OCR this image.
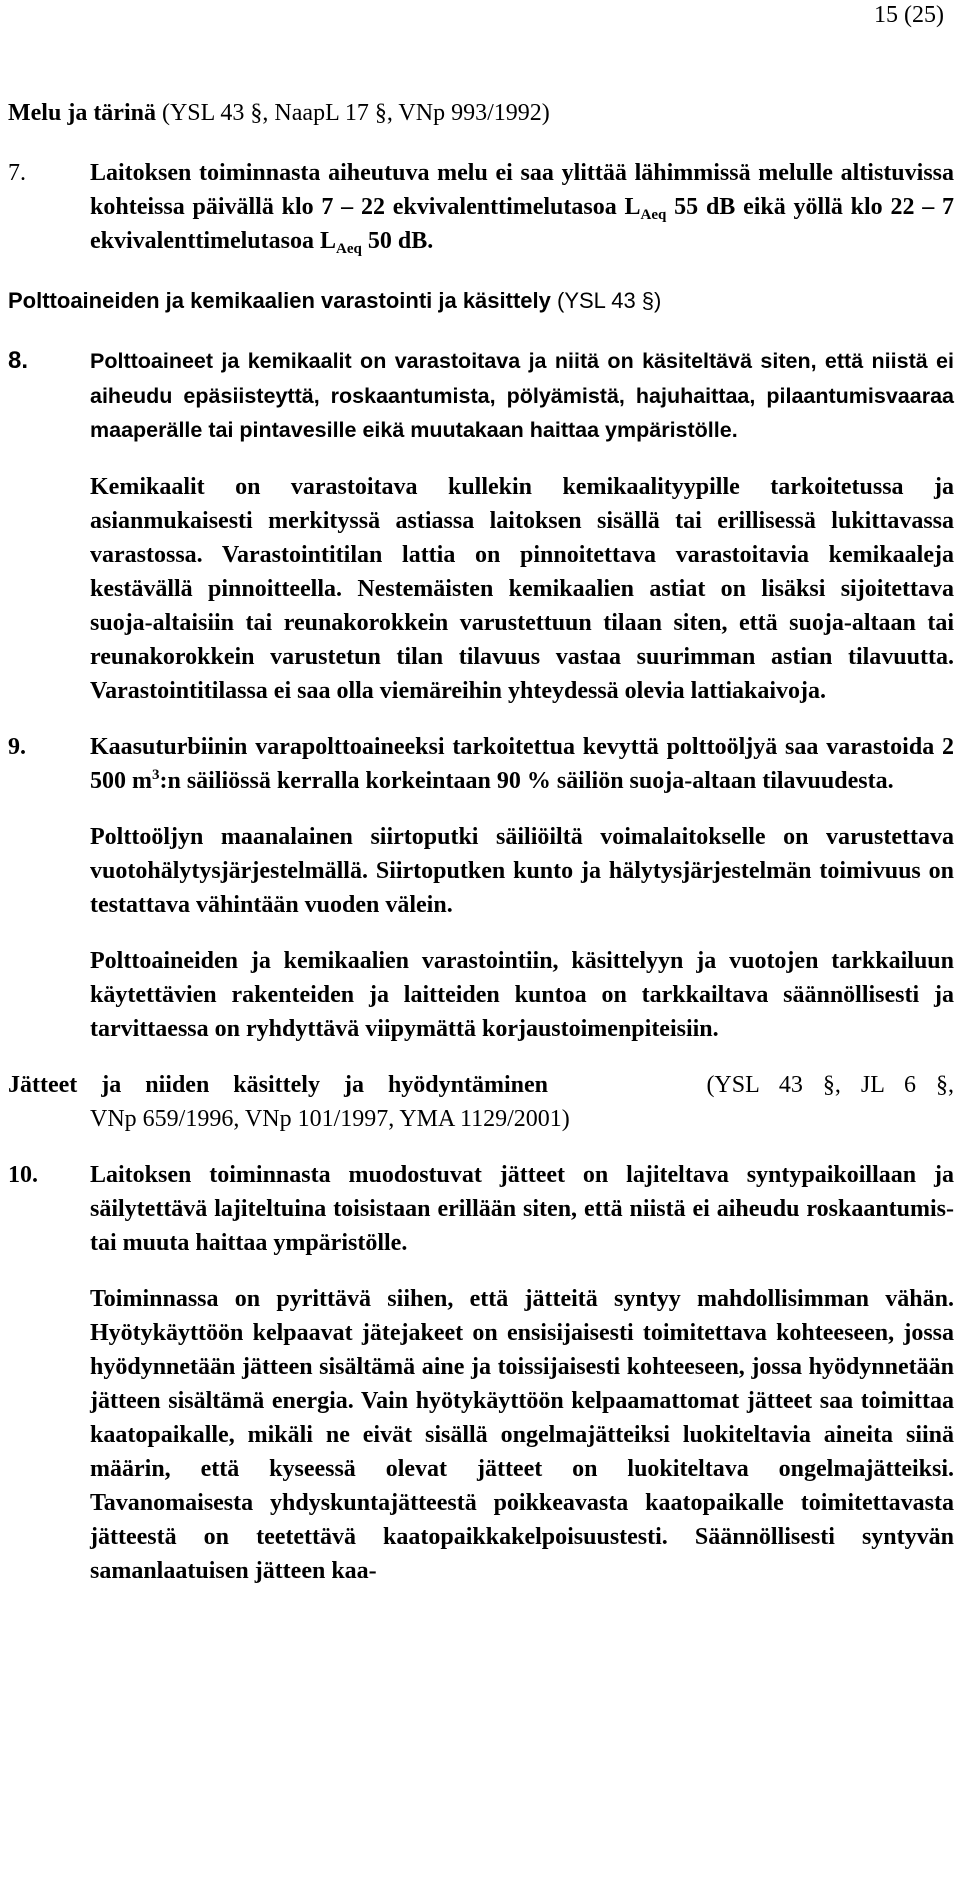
15 (25)

Melu ja tärinä (YSL 43 §, NaapL 17 §, VNp 993/1992)

7.	Laitoksen toiminnasta aiheutuva melu ei saa ylittää lähimmissä melulle altistuvissa kohteissa päivällä klo 7 – 22 ekvivalenttimelutasoa $L_{Aeq}$ 55 dB eikä yöllä klo 22 – 7 ekvivalenttimelutasoa $L_{Aeq}$ 50 dB.

Polttoaineiden ja kemikaalien varastointi ja käsittely (YSL 43 §)

8.	Polttoaineet ja kemikaalit on varastoitava ja niitä on käsiteltävä siten, että niistä ei aiheudu epäsiisteyttä, roskaantumista, pölyämistä, hajuhaittaa, pilaantumisvaaraa maaperälle tai pintavesille eikä muutakaan haittaa ympäristölle.

Kemikaalit on varastoitava kullekin kemikaalityypille tarkoitetussa ja asianmukaisesti merkityssä astiassa laitoksen sisällä tai erillisessä lukittavassa varastossa. Varastointitilan lattia on pinnoitettava varastoitavia kemikaaleja kestävällä pinnoitteella. Nestemäisten kemikaalien astiat on lisäksi sijoitettava suoja-altaisiin tai reunakorokkein varustettuun tilaan siten, että suoja-altaan tai reunakorokkein varustetun tilan tilavuus vastaa suurimman astian tilavuutta. Varastointitilassa ei saa olla viemäreihin yhteydessä olevia lattiakaivoja.

9.	Kaasuturbiinin varapolttoaineeksi tarkoitettua kevyttä polttoöljyä saa varastoida 2 500 $m^3:n$ säiliössä kerralla korkeintaan 90 % säiliön suoja-altaan tilavuudesta.

Polttoöljyn maanalainen siirtoputki säiliöiltä voimalaitokselle on varustettava vuotohälytysjärjestelmällä. Siirtoputken kunto ja hälytysjärjestelmän toimivuus on testattava vähintään vuoden välein.

Polttoaineiden ja kemikaalien varastointiin, käsittelyyn ja vuotojen tarkkailuun käytettävien rakenteiden ja laitteiden kuntoa on tarkkailtava säännöllisesti ja tarvittaessa on ryhdyttävä viipymättä korjaustoimenpiteisiin.

Jätteet ja niiden käsittely ja hyödyntäminen	(YSL 43 §, JL 6 §,
VNp 659/1996, VNp 101/1997, YMA 1129/2001)
10.	Laitoksen toiminnasta muodostuvat jätteet on lajiteltava syntypaikoillaan ja säilytettävä lajiteltuina toisistaan erillään siten, että niistä ei aiheudu roskaantumis- tai muuta haittaa ympäristölle.

Toiminnassa on pyrittävä siihen, että jätteitä syntyy mahdollisimman vähän. Hyötykäyttöön kelpaavat jätejakeet on ensisijaisesti toimitettava kohteeseen, jossa hyödynnetään jätteen sisältämä aine ja toissijaisesti kohteeseen, jossa hyödynnetään jätteen sisältämä energia. Vain hyötykäyttöön kelpaamattomat jätteet saa toimittaa kaatopaikalle, mikäli ne eivät sisällä ongelmajätteiksi luokiteltavia aineita siinä määrin, että kyseessä olevat jätteet on luokiteltava ongelmajätteiksi. Tavanomaisesta yhdyskuntajätteestä poikkeavasta kaatopaikalle toimitettavasta jätteestä on teetettävä kaatopaikkakelpoisuustesti. Säännöllisesti syntyvän samanlaatuisen jätteen kaa-
